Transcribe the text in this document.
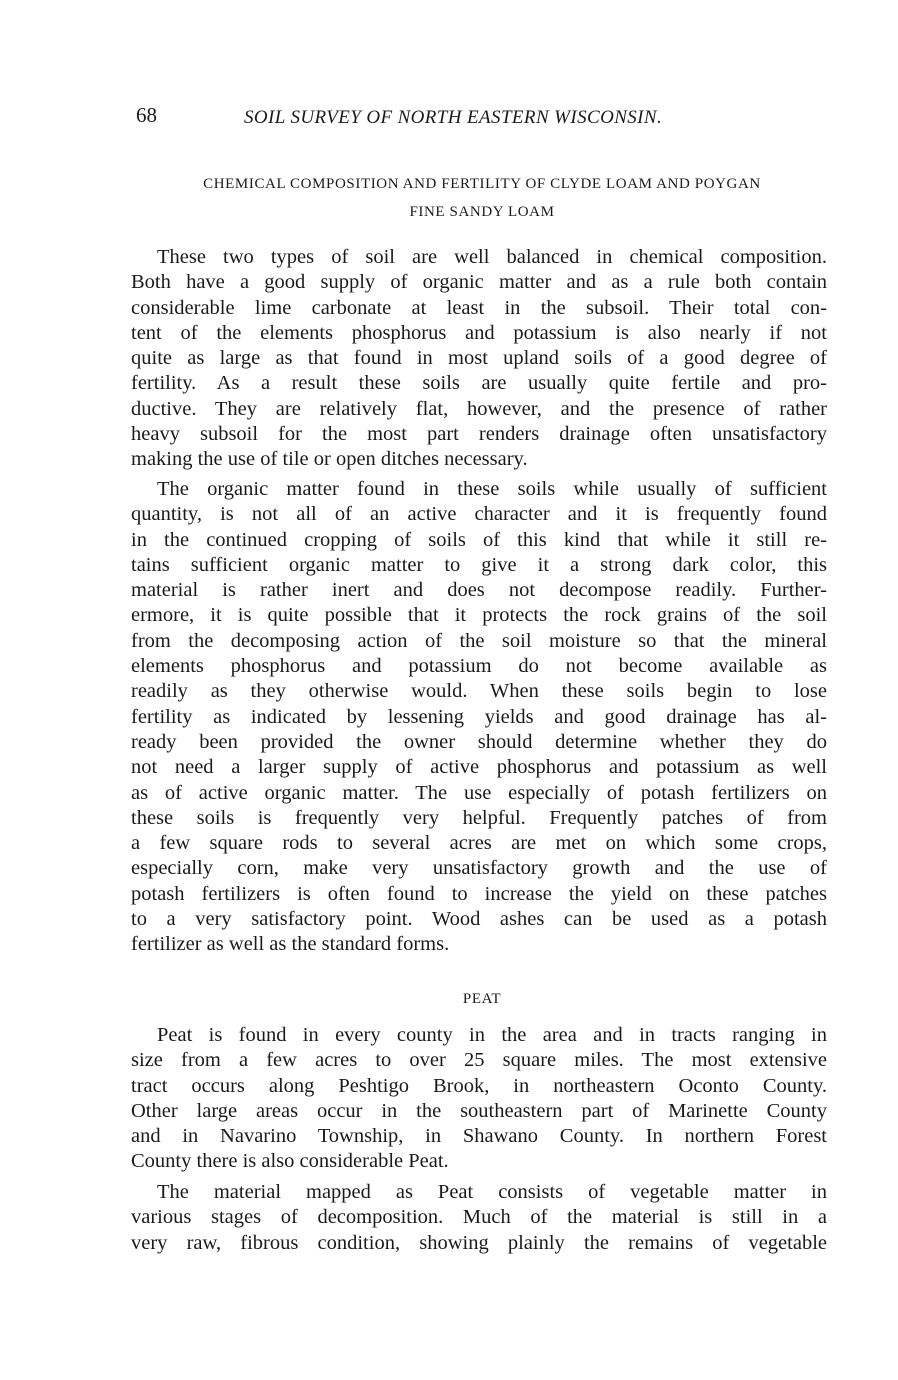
68	SOIL SURVEY OF NORTH EASTERN WISCONSIN.
CHEMICAL COMPOSITION AND FERTILITY OF CLYDE LOAM AND POYGAN
FINE SANDY LOAM
These two types of soil are well balanced in chemical composition.
Both have a good supply of organic matter and as a rule both contain
considerable lime carbonate at least in the subsoil. Their total con-
tent of the elements phosphorus and potassium is also nearly if not
quite as large as that found in most upland soils of a good degree of
fertility. As a result these soils are usually quite fertile and pro-
ductive. They are relatively flat, however, and the presence of rather
heavy subsoil for the most part renders drainage often unsatisfactory
making the use of tile or open ditches necessary.
The organic matter found in these soils while usually of sufficient
quantity, is not all of an active character and it is frequently found
in the continued cropping of soils of this kind that while it still re-
tains sufficient organic matter to give it a strong dark color, this
material is rather inert and does not decompose readily. Further-
ermore, it is quite possible that it protects the rock grains of the soil
from the decomposing action of the soil moisture so that the mineral
elements phosphorus and potassium do not become available as
readily as they otherwise would. When these soils begin to lose
fertility as indicated by lessening yields and good drainage has al-
ready been provided the owner should determine whether they do
not need a larger supply of active phosphorus and potassium as well
as of active organic matter. The use especially of potash fertilizers on
these soils is frequently very helpful. Frequently patches of from
a few square rods to several acres are met on which some crops,
especially corn, make very unsatisfactory growth and the use of
potash fertilizers is often found to increase the yield on these patches
to a very satisfactory point. Wood ashes can be used as a potash
fertilizer as well as the standard forms.
PEAT
Peat is found in every county in the area and in tracts ranging in
size from a few acres to over 25 square miles. The most extensive
tract occurs along Peshtigo Brook, in northeastern Oconto County.
Other large areas occur in the southeastern part of Marinette County
and in Navarino Township, in Shawano County. In northern Forest
County there is also considerable Peat.
The material mapped as Peat consists of vegetable matter in
various stages of decomposition. Much of the material is still in a
very raw, fibrous condition, showing plainly the remains of vegetable
